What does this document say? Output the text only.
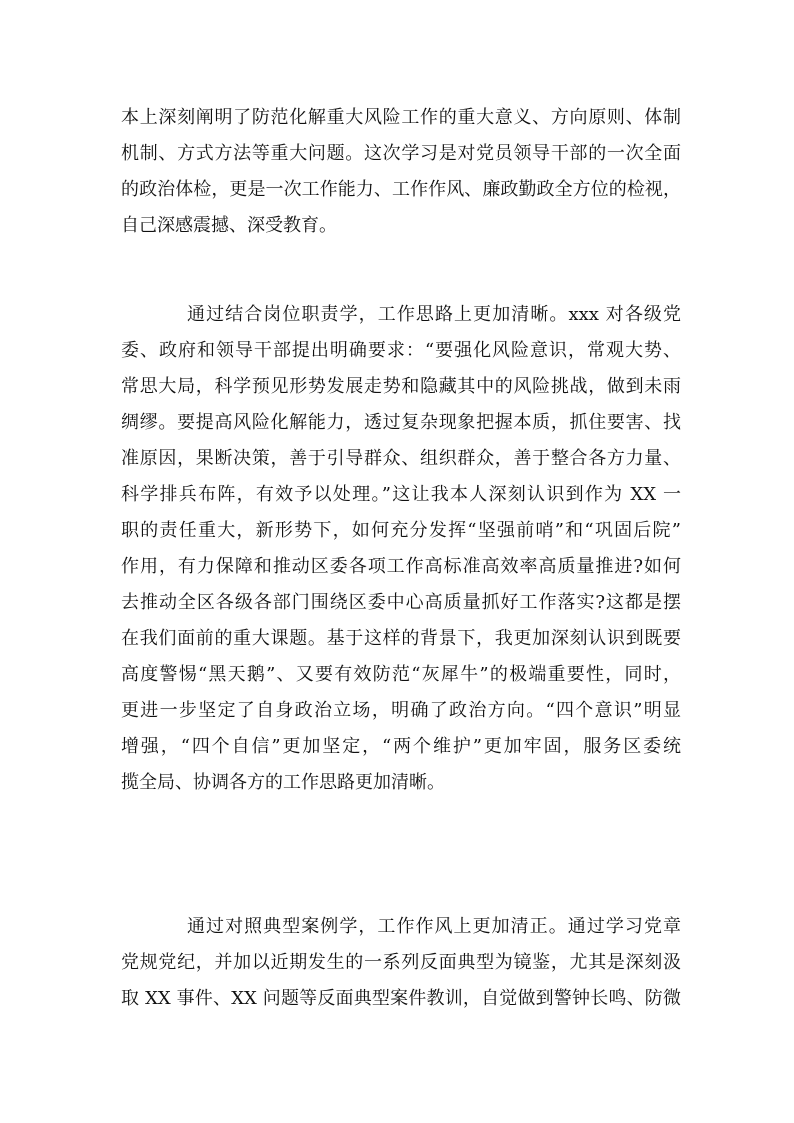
本上深刻阐明了防范化解重大风险工作的重大意义、方向原则、体制
机制、方式方法等重大问题。这次学习是对党员领导干部的一次全面
的政治体检，更是一次工作能力、工作作风、廉政勤政全方位的检视，
自己深感震撼、深受教育。
通过结合岗位职责学，工作思路上更加清晰。xxx 对各级党
委、政府和领导干部提出明确要求：“要强化风险意识，常观大势、
常思大局，科学预见形势发展走势和隐藏其中的风险挑战，做到未雨
绸缪。要提高风险化解能力，透过复杂现象把握本质，抓住要害、找
准原因，果断决策，善于引导群众、组织群众，善于整合各方力量、
科学排兵布阵，有效予以处理。”这让我本人深刻认识到作为 XX 一
职的责任重大，新形势下，如何充分发挥“坚强前哨”和“巩固后院”
作用，有力保障和推动区委各项工作高标准高效率高质量推进?如何
去推动全区各级各部门围绕区委中心高质量抓好工作落实?这都是摆
在我们面前的重大课题。基于这样的背景下，我更加深刻认识到既要
高度警惕“黑天鹅”、又要有效防范“灰犀牛”的极端重要性，同时，
更进一步坚定了自身政治立场，明确了政治方向。“四个意识”明显
增强，“四个自信”更加坚定，“两个维护”更加牢固，服务区委统
揽全局、协调各方的工作思路更加清晰。
通过对照典型案例学，工作作风上更加清正。通过学习党章
党规党纪，并加以近期发生的一系列反面典型为镜鉴，尤其是深刻汲
取 XX 事件、XX 问题等反面典型案件教训，自觉做到警钟长鸣、防微
